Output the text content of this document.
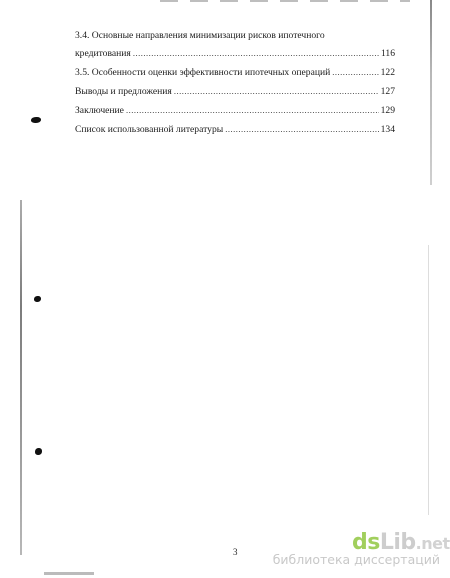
3.4. Основные направления минимизации рисков ипотечного
кредитования .....	116
3.5. Особенности оценки эффективности ипотечных операций .....	122
Выводы и предложения .....	127
Заключение .....	129
Список использованной литературы .....	134
3	dsLib.net
библиотека диссертаций
